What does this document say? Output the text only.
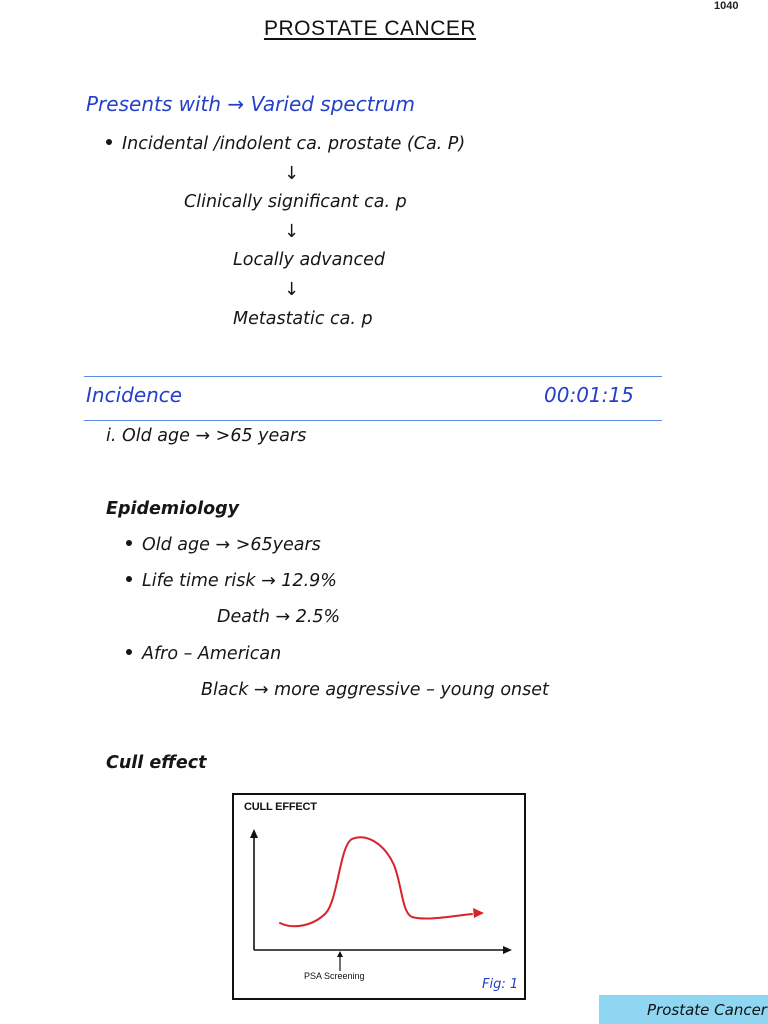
1040
PROSTATE CANCER
Presents with → Varied spectrum
Incidental /indolent ca. prostate (Ca. P)
↓
Clinically significant ca. p
↓
Locally advanced
↓
Metastatic ca. p
Incidence	00:01:15
i. Old age → >65 years
Epidemiology
Old age → >65years
Life time risk → 12.9%
Death → 2.5%
Afro – American
Black → more aggressive – young onset
Cull effect
CULL EFFECT
PSA Screening
Fig: 1
Prostate Cancer
